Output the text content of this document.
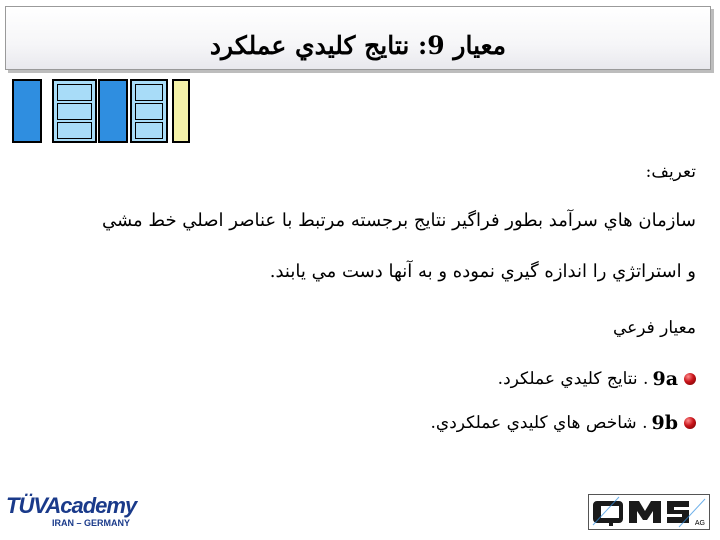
معيار 9: نتايج كليدي عملكرد
تعريف:
سازمان هاي سرآمد بطور فراگير نتايج برجسته مرتبط با عناصر اصلي خط مشي
و استراتژي را اندازه گيري نموده و به آنها دست مي يابند.
معيار فرعي
9a
. نتايج كليدي عملكرد.
9b
. شاخص هاي كليدي عملكردي.
TÜVAcademy
IRAN – GERMANY	AG
